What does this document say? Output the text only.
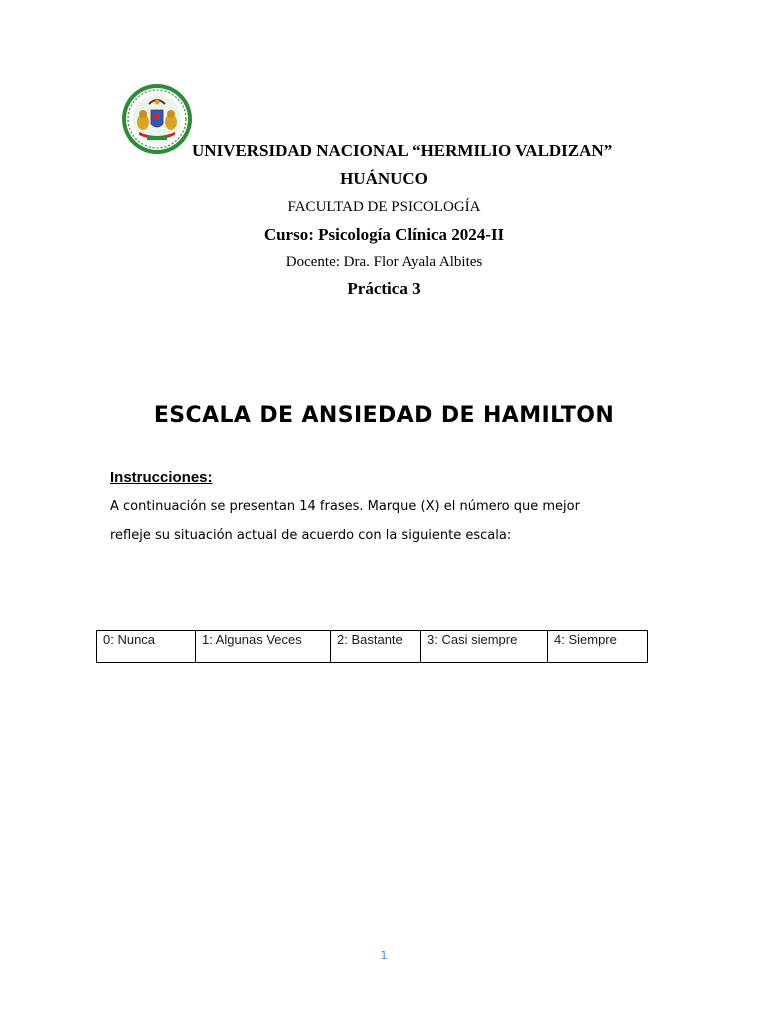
UNIVERSIDAD NACIONAL “HERMILIO VALDIZAN”
HUÁNUCO
FACULTAD DE PSICOLOGÍA
Curso: Psicología Clínica 2024-II
Docente: Dra. Flor Ayala Albites
Práctica 3
ESCALA DE ANSIEDAD DE HAMILTON
Instrucciones:
A continuación se presentan 14 frases. Marque (X) el número que mejor
refleje su situación actual de acuerdo con la siguiente escala:
0: Nunca	1: Algunas Veces	2: Bastante	3: Casi siempre	4: Siempre
1
